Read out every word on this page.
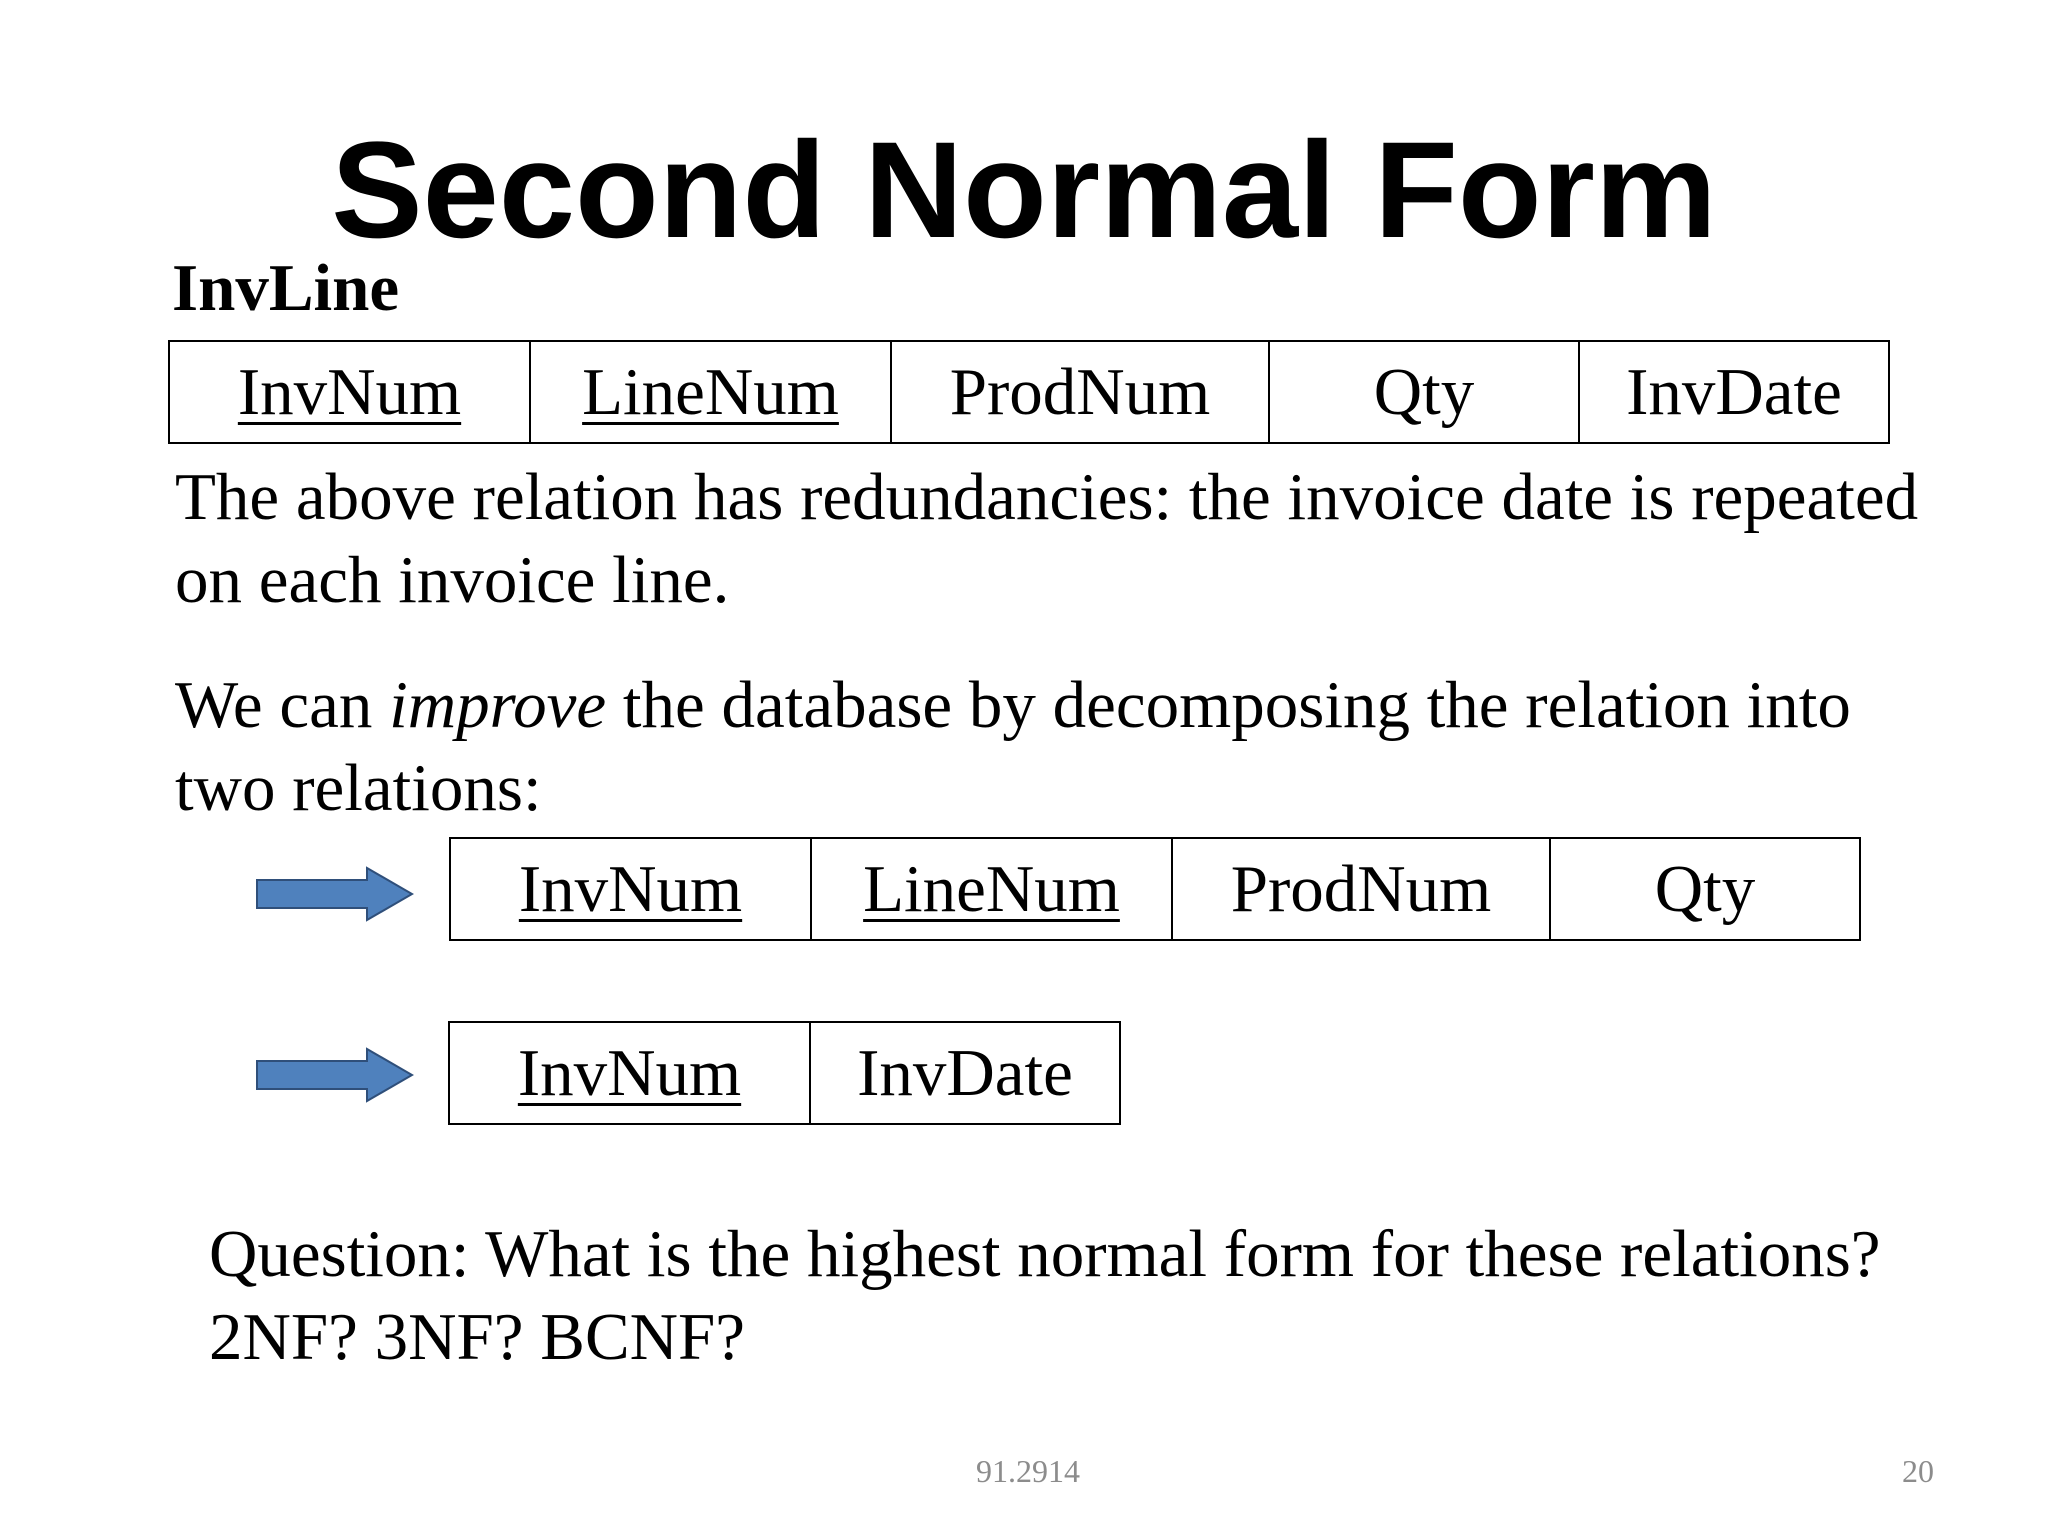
Second Normal Form
InvLine
InvNum	LineNum	ProdNum	Qty	InvDate

The above relation has redundancies: the invoice date is repeated on each invoice line.

We can improve the database by decomposing the relation into two relations:

InvNum	LineNum	ProdNum	Qty
InvNum	InvDate

Question: What is the highest normal form for these relations? 2NF? 3NF? BCNF?

91.2914	20
